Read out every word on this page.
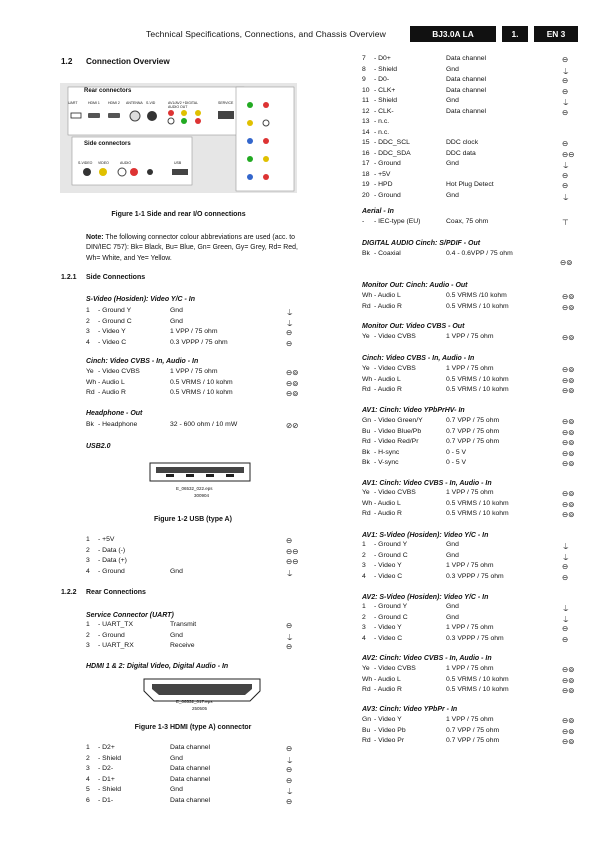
Technical Specifications, Connections, and Chassis Overview	BJ3.0A LA	1.	EN 3
1.2 Connection Overview
Rear connectors
Side connectors
UART	HDMI 1 HDMI 2 ANTENNA S-VID	AV1/AV2 +DIGITAL AUDIO OUT
SERVICE
S-VIDEO VIDEO	AUDIO	USB
Figure 1-1 Side and rear I/O connections
Note: The following connector colour abbreviations are used (acc. to DIN/IEC 757): Bk= Black, Bu= Blue, Gn= Green, Gy= Grey, Rd= Red, Wh= White, and Ye= Yellow.
1.2.1 Side Connections
S-Video (Hosiden): Video Y/C - In
1 - Ground Y	Gnd	⏚
2 - Ground C	Gnd	⏚
3 - Video Y	1 VPP / 75 ohm	⊖
4 - Video C	0.3 VPPP / 75 ohm	⊖
Cinch: Video CVBS - In, Audio - In
Ye - Video CVBS	1 VPP / 75 ohm	⊖⊚
Wh - Audio L	0.5 VRMS / 10 kohm	⊖⊚
Rd - Audio R	0.5 VRMS / 10 kohm	⊖⊚
Headphone - Out
Bk - Headphone	32 - 600 ohm / 10 mW	⊘⊘
USB2.0
E_06532_022.eps
300904
Figure 1-2 USB (type A)
1 - +5V	⊖
2 - Data (-)	⊖⊖
3 - Data (+)	⊖⊖
4 - Ground	Gnd	⏚
1.2.2 Rear Connections
Service Connector (UART)
1 - UART_TX	Transmit	⊖
2 - Ground	Gnd	⏚
3 - UART_RX	Receive	⊖
HDMI 1 & 2: Digital Video, Digital Audio - In
E_06532_017.eps
250505
Figure 1-3 HDMI (type A) connector
1 - D2+	Data channel	⊖
2 - Shield	Gnd	⏚
3 - D2-	Data channel	⊖
4 - D1+	Data channel	⊖
5 - Shield	Gnd	⏚
6 - D1-	Data channel	⊖
7 - D0+	Data channel	⊖
8 - Shield	Gnd	⏚
9 - D0-	Data channel	⊖
10 - CLK+	Data channel	⊖
11 - Shield	Gnd	⏚
12 - CLK-	Data channel	⊖
13 - n.c.
14 - n.c.
15 - DDC_SCL	DDC clock	⊖
16 - DDC_SDA	DDC data	⊖⊖
17 - Ground	Gnd	⏚
18 - +5V	⊖
19 - HPD	Hot Plug Detect	⊖
20 - Ground	Gnd	⏚
Aerial - In
- - IEC-type (EU)	Coax, 75 ohm	⊤
DIGITAL AUDIO Cinch: S/PDIF - Out
Bk - Coaxial	0.4 - 0.6VPP / 75 ohm
⊖⊚
Monitor Out: Cinch: Audio - Out
Wh - Audio L	0.5 VRMS /10 kohm	⊖⊚
Rd - Audio R	0.5 VRMS / 10 kohm	⊖⊚
Monitor Out: Video CVBS - Out
Ye - Video CVBS	1 VPP / 75 ohm	⊖⊚
Cinch: Video CVBS - In, Audio - In
Ye - Video CVBS	1 VPP / 75 ohm	⊖⊚
Wh - Audio L	0.5 VRMS / 10 kohm	⊖⊚
Rd - Audio R	0.5 VRMS / 10 kohm	⊖⊚
AV1: Cinch: Video YPbPrHV- In
Gn - Video Green/Y	0.7 VPP / 75 ohm	⊖⊚
Bu - Video Blue/Pb	0.7 VPP / 75 ohm	⊖⊚
Rd - Video Red/Pr	0.7 VPP / 75 ohm	⊖⊚
Bk - H-sync	0 - 5 V	⊖⊚
Bk - V-sync	0 - 5 V	⊖⊚
AV1: Cinch: Video CVBS - In, Audio - In
Ye - Video CVBS	1 VPP / 75 ohm	⊖⊚
Wh - Audio L	0.5 VRMS / 10 kohm	⊖⊚
Rd - Audio R	0.5 VRMS / 10 kohm	⊖⊚
AV1: S-Video (Hosiden): Video Y/C - In
1 - Ground Y	Gnd	⏚
2 - Ground C	Gnd	⏚
3 - Video Y	1 VPP / 75 ohm	⊖
4 - Video C	0.3 VPPP / 75 ohm	⊖
AV2: S-Video (Hosiden): Video Y/C - In
1 - Ground Y	Gnd	⏚
2 - Ground C	Gnd	⏚
3 - Video Y	1 VPP / 75 ohm	⊖
4 - Video C	0.3 VPPP / 75 ohm	⊖
AV2: Cinch: Video CVBS - In, Audio - In
Ye - Video CVBS	1 VPP / 75 ohm	⊖⊚
Wh - Audio L	0.5 VRMS / 10 kohm	⊖⊚
Rd - Audio R	0.5 VRMS / 10 kohm	⊖⊚
AV3: Cinch: Video YPbPr - In
Gn - Video Y	1 VPP / 75 ohm	⊖⊚
Bu - Video Pb	0.7 VPP / 75 ohm	⊖⊚
Rd - Video Pr	0.7 VPP / 75 ohm	⊖⊚
